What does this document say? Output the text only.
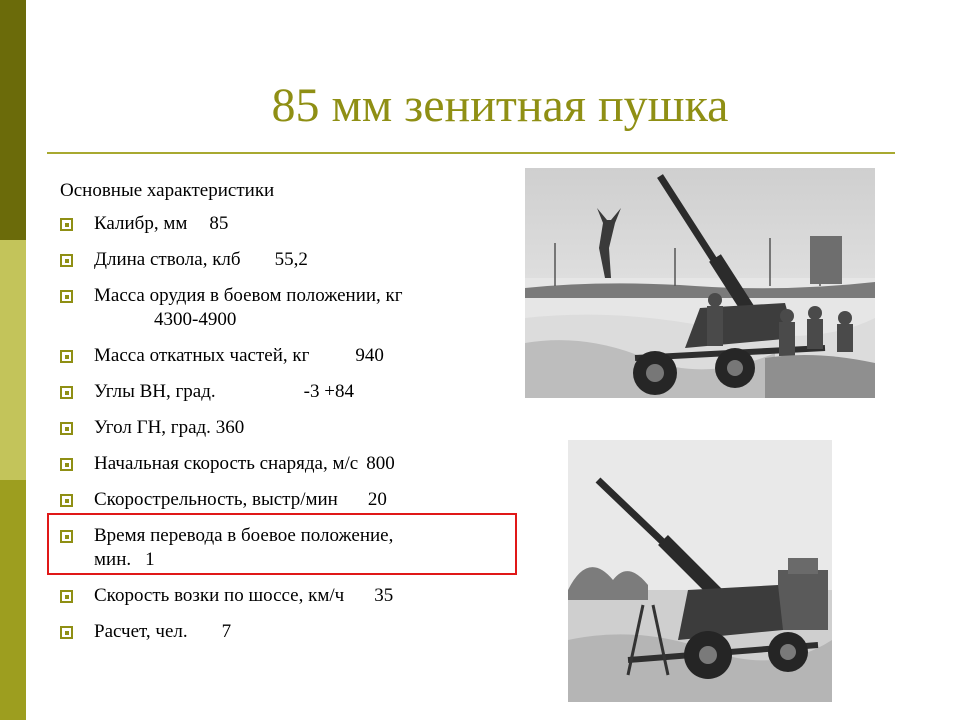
85 мм зенитная пушка
Основные характеристики
Калибр, мм 85
Длина ствола, клб 55,2
Масса орудия в боевом положении, кг
4300-4900
Масса откатных частей, кг 940
Углы ВН, град.	-3 +84
Угол ГН, град. 360
Начальная скорость снаряда, м/с 800
Скорострельность, выстр/мин 20
Время перевода в боевое положение,
мин. 1
Скорость возки по шоссе, км/ч 35
Расчет, чел. 7
